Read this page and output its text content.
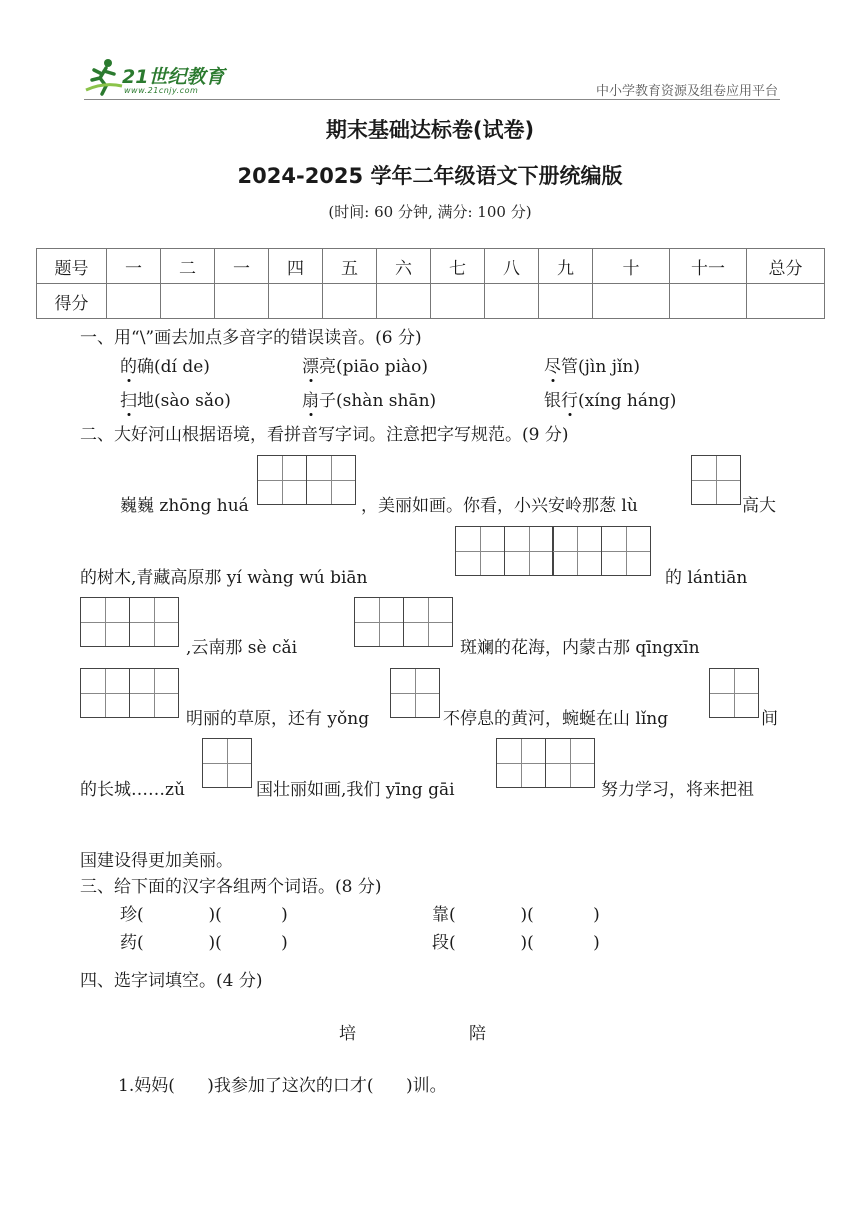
21世纪教育
www.21cnjy.com	中小学教育资源及组卷应用平台
期末基础达标卷(试卷)
2024-2025 学年二年级语文下册统编版
(时间: 60 分钟, 满分: 100 分)
题号	一	二	一	四	五	六	七	八	九	十	十一	总分
得分												
一、用“\”画去加点多音字的错误读音。(6 分)
的确(dí de)	漂亮(piāo piào)	尽管(jìn jǐn)
扫地(sào sǎo)	扇子(shàn shān)	银行(xíng háng)
二、大好河山根据语境，看拼音写字词。注意把字写规范。(9 分)
巍巍 zhōng huá	，美丽如画。你看，小兴安岭那葱 lù	高大
的树木,青藏高原那 yí wàng wú biān	的 lántiān
,云南那 sè cǎi	斑斓的花海，内蒙古那 qīngxīn
明丽的草原，还有 yǒng	不停息的黄河，蜿蜒在山 lǐng	间
的长城……zǔ	国壮丽如画,我们 yīng gāi	努力学习，将来把祖
国建设得更加美丽。
三、给下面的汉字各组两个词语。(8 分)
珍(            )(           )	靠(            )(           )
药(            )(           )	段(            )(           )
四、选字词填空。(4 分)
培	陪
1.妈妈(      )我参加了这次的口才(      )训。
